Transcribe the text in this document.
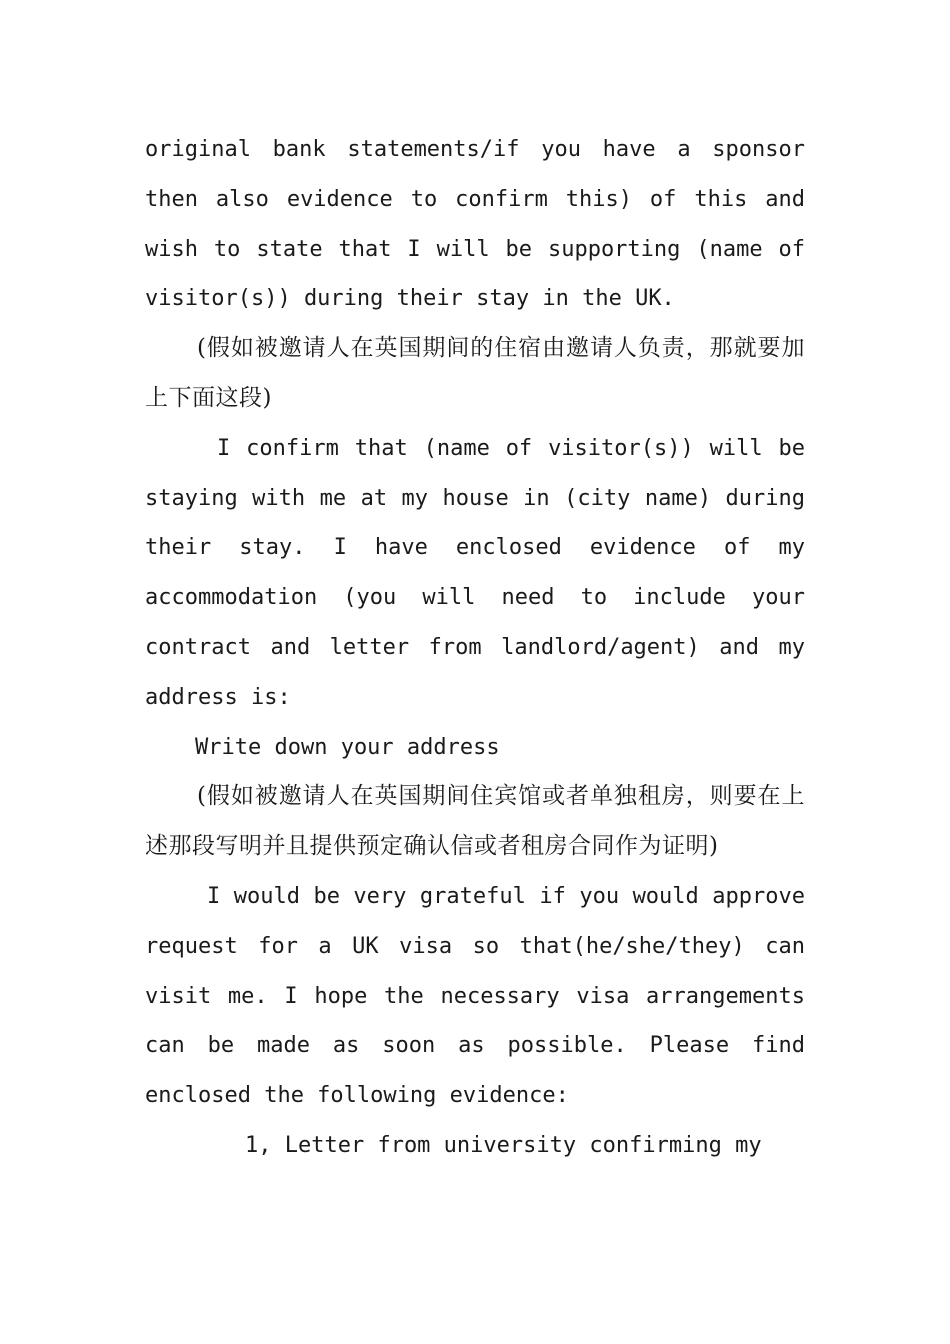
original bank statements/if you have a sponsor then also evidence to confirm this) of this and wish to state that I will be supporting (name of visitor(s)) during their stay in the UK.

(假如被邀请人在英国期间的住宿由邀请人负责，那就要加上下面这段)

I confirm that (name of visitor(s)) will be staying with me at my house in (city name) during their stay. I have enclosed evidence of my accommodation (you will need to include your contract and letter from landlord/agent) and my address is:

Write down your address

(假如被邀请人在英国期间住宾馆或者单独租房，则要在上述那段写明并且提供预定确认信或者租房合同作为证明)

I would be very grateful if you would approve request for a UK visa so that(he/she/they) can visit me. I hope the necessary visa arrangements can be made as soon as possible. Please find enclosed the following evidence:

1, Letter from university confirming my
